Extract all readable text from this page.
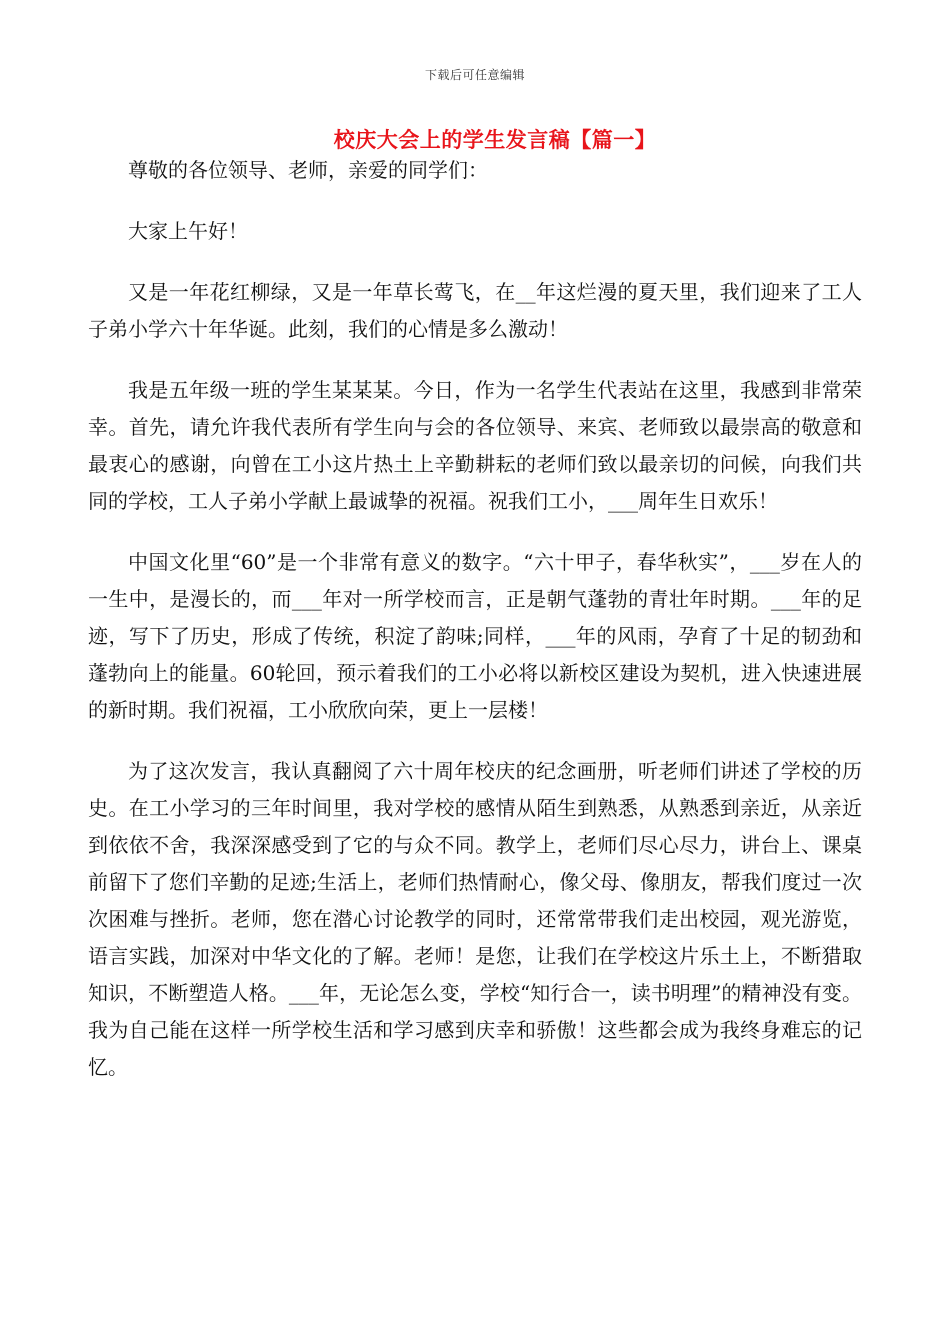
下载后可任意编辑
校庆大会上的学生发言稿【篇一】

尊敬的各位领导、老师，亲爱的同学们：

大家上午好！

又是一年花红柳绿，又是一年草长莺飞，在__年这烂漫的夏天里，我们迎来了工人子弟小学六十年华诞。此刻，我们的心情是多么激动！

我是五年级一班的学生某某某。今日，作为一名学生代表站在这里，我感到非常荣幸。首先，请允许我代表所有学生向与会的各位领导、来宾、老师致以最崇高的敬意和最衷心的感谢，向曾在工小这片热土上辛勤耕耘的老师们致以最亲切的问候，向我们共同的学校，工人子弟小学献上最诚挚的祝福。祝我们工小，___周年生日欢乐！

中国文化里“60”是一个非常有意义的数字。“六十甲子，春华秋实”，___岁在人的一生中，是漫长的，而___年对一所学校而言，正是朝气蓬勃的青壮年时期。___年的足迹，写下了历史，形成了传统，积淀了韵味;同样，___年的风雨，孕育了十足的韧劲和蓬勃向上的能量。60轮回，预示着我们的工小必将以新校区建设为契机，进入快速进展的新时期。我们祝福，工小欣欣向荣，更上一层楼！

为了这次发言，我认真翻阅了六十周年校庆的纪念画册，听老师们讲述了学校的历史。在工小学习的三年时间里，我对学校的感情从陌生到熟悉，从熟悉到亲近，从亲近到依依不舍，我深深感受到了它的与众不同。教学上，老师们尽心尽力，讲台上、课桌前留下了您们辛勤的足迹;生活上，老师们热情耐心，像父母、像朋友，帮我们度过一次次困难与挫折。老师，您在潜心讨论教学的同时，还常常带我们走出校园，观光游览，语言实践，加深对中华文化的了解。老师！是您，让我们在学校这片乐土上，不断猎取知识，不断塑造人格。___年，无论怎么变，学校“知行合一，读书明理”的精神没有变。我为自己能在这样一所学校生活和学习感到庆幸和骄傲！这些都会成为我终身难忘的记忆。
